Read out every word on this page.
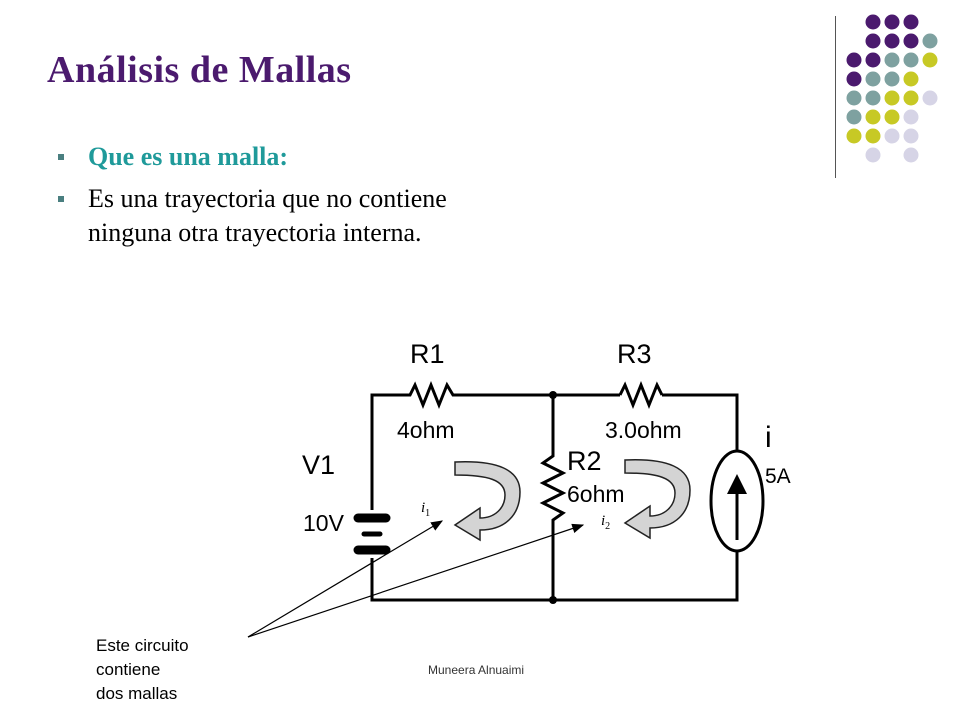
Análisis de Mallas
Que es una malla:
Es una trayectoria que no contiene ninguna otra trayectoria interna.
R1
4ohm
R3
3.0ohm
R2
6ohm
V1
10V
i
5A
$i_1$	$i_2$
Este circuito
contiene
dos mallas
Muneera Alnuaimi
